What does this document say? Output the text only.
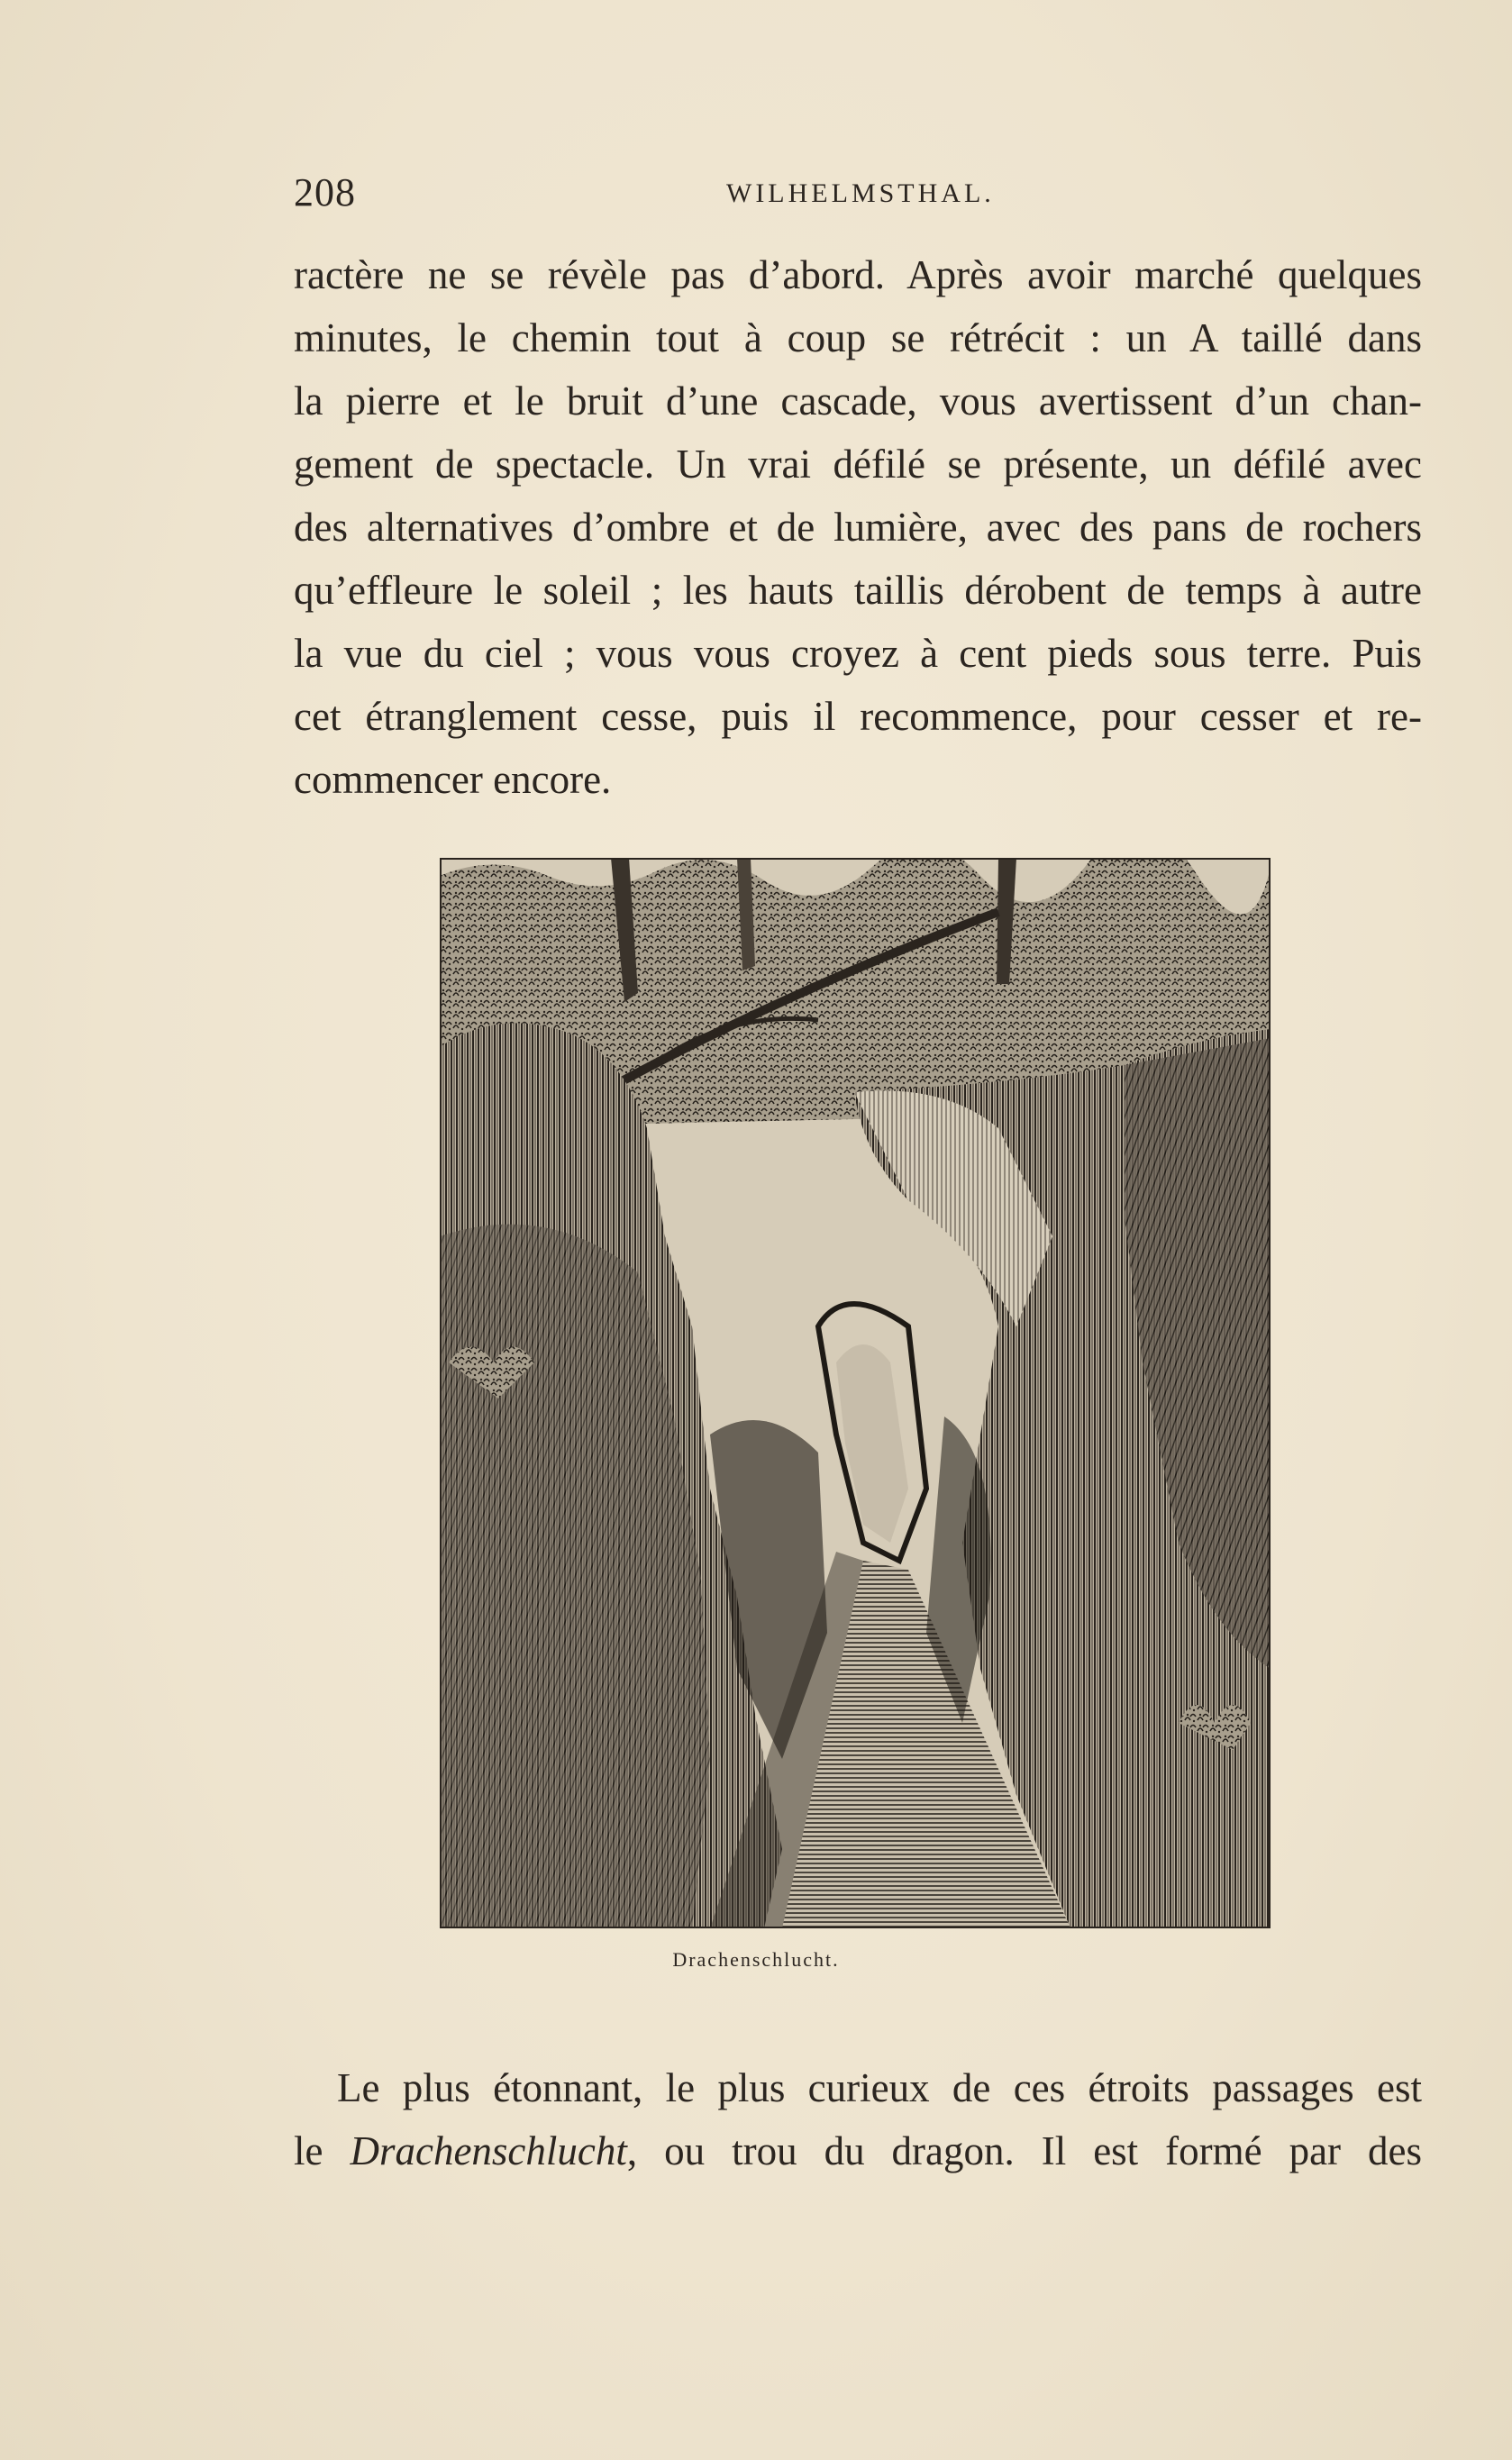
208	WILHELMSTHAL.
ractère ne se révèle pas d’abord. Après avoir marché quelques
minutes, le chemin tout à coup se rétrécit : un A taillé dans
la pierre et le bruit d’une cascade, vous avertissent d’un chan-
gement de spectacle. Un vrai défilé se présente, un défilé avec
des alternatives d’ombre et de lumière, avec des pans de rochers
qu’effleure le soleil ; les hauts taillis dérobent de temps à autre
la vue du ciel ; vous vous croyez à cent pieds sous terre. Puis
cet étranglement cesse, puis il recommence, pour cesser et re-
commencer encore.
Drachenschlucht.
Le plus étonnant, le plus curieux de ces étroits passages est
le Drachenschlucht, ou trou du dragon. Il est formé par des
